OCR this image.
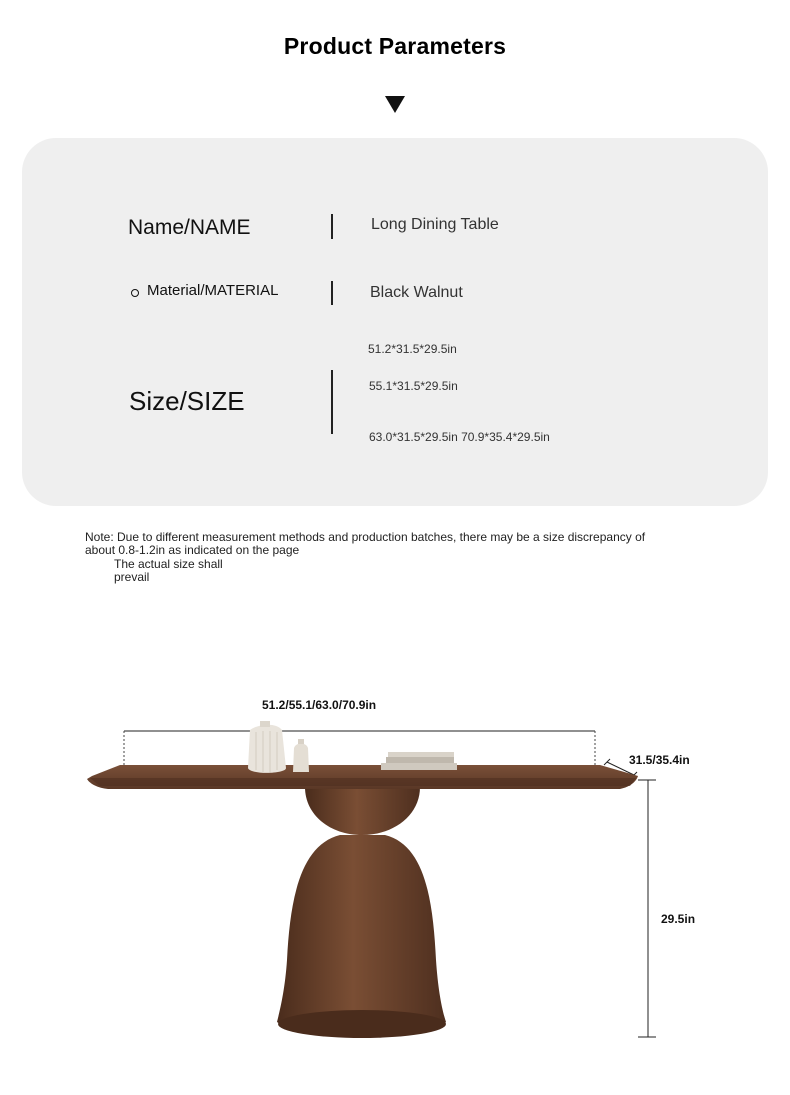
Product Parameters
Name/NAME	Long Dining Table
Material/MATERIAL	Black Walnut
Size/SIZE
51.2*31.5*29.5in
55.1*31.5*29.5in
63.0*31.5*29.5in 70.9*35.4*29.5in
Note: Due to different measurement methods and production batches, there may be a size discrepancy of about 0.8-1.2in as indicated on the page
The actual size shall prevail
51.2/55.1/63.0/70.9in
31.5/35.4in
29.5in
